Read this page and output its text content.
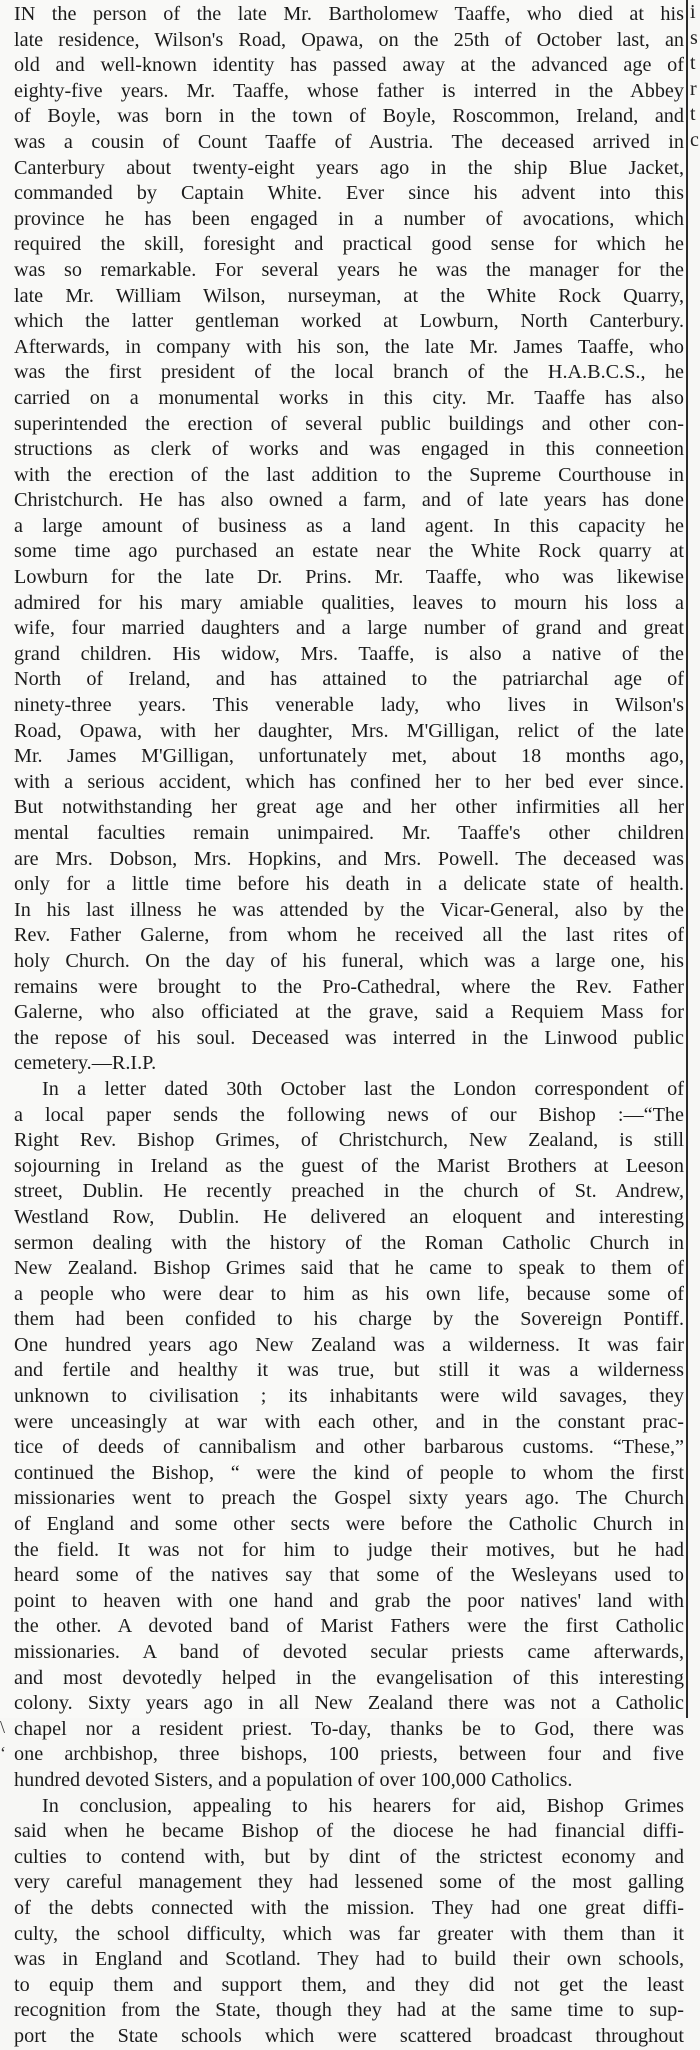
IN the person of the late Mr. Bartholomew Taaffe, who died at his
late residence, Wilson's Road, Opawa, on the 25th of October last, an
old and well-known identity has passed away at the advanced age of
eighty-five years. Mr. Taaffe, whose father is interred in the Abbey
of Boyle, was born in the town of Boyle, Roscommon, Ireland, and
was a cousin of Count Taaffe of Austria. The deceased arrived in
Canterbury about twenty-eight years ago in the ship Blue Jacket,
commanded by Captain White. Ever since his advent into this
province he has been engaged in a number of avocations, which
required the skill, foresight and practical good sense for which he
was so remarkable. For several years he was the manager for the
late Mr. William Wilson, nurseyman, at the White Rock Quarry,
which the latter gentleman worked at Lowburn, North Canterbury.
Afterwards, in company with his son, the late Mr. James Taaffe, who
was the first president of the local branch of the H.A.B.C.S., he
carried on a monumental works in this city. Mr. Taaffe has also
superintended the erection of several public buildings and other con-
structions as clerk of works and was engaged in this conneetion
with the erection of the last addition to the Supreme Courthouse in
Christchurch. He has also owned a farm, and of late years has done
a large amount of business as a land agent. In this capacity he
some time ago purchased an estate near the White Rock quarry at
Lowburn for the late Dr. Prins. Mr. Taaffe, who was likewise
admired for his mary amiable qualities, leaves to mourn his loss a
wife, four married daughters and a large number of grand and great
grand children. His widow, Mrs. Taaffe, is also a native of the
North of Ireland, and has attained to the patriarchal age of
ninety-three years. This venerable lady, who lives in Wilson's
Road, Opawa, with her daughter, Mrs. M'Gilligan, relict of the late
Mr. James M'Gilligan, unfortunately met, about 18 months ago,
with a serious accident, which has confined her to her bed ever since.
But notwithstanding her great age and her other infirmities all her
mental faculties remain unimpaired. Mr. Taaffe's other children
are Mrs. Dobson, Mrs. Hopkins, and Mrs. Powell. The deceased was
only for a little time before his death in a delicate state of health.
In his last illness he was attended by the Vicar-General, also by the
Rev. Father Galerne, from whom he received all the last rites of
holy Church. On the day of his funeral, which was a large one, his
remains were brought to the Pro-Cathedral, where the Rev. Father
Galerne, who also officiated at the grave, said a Requiem Mass for
the repose of his soul. Deceased was interred in the Linwood public
cemetery.—R.I.P.
In a letter dated 30th October last the London correspondent of
a local paper sends the following news of our Bishop :—“The
Right Rev. Bishop Grimes, of Christchurch, New Zealand, is still
sojourning in Ireland as the guest of the Marist Brothers at Leeson
street, Dublin. He recently preached in the church of St. Andrew,
Westland Row, Dublin. He delivered an eloquent and interesting
sermon dealing with the history of the Roman Catholic Church in
New Zealand. Bishop Grimes said that he came to speak to them of
a people who were dear to him as his own life, because some of
them had been confided to his charge by the Sovereign Pontiff.
One hundred years ago New Zealand was a wilderness. It was fair
and fertile and healthy it was true, but still it was a wilderness
unknown to civilisation ; its inhabitants were wild savages, they
were unceasingly at war with each other, and in the constant prac-
tice of deeds of cannibalism and other barbarous customs. “These,”
continued the Bishop, “ were the kind of people to whom the first
missionaries went to preach the Gospel sixty years ago. The Church
of England and some other sects were before the Catholic Church in
the field. It was not for him to judge their motives, but he had
heard some of the natives say that some of the Wesleyans used to
point to heaven with one hand and grab the poor natives' land with
the other. A devoted band of Marist Fathers were the first Catholic
missionaries. A band of devoted secular priests came afterwards,
and most devotedly helped in the evangelisation of this interesting
colony. Sixty years ago in all New Zealand there was not a Catholic
chapel nor a resident priest. To-day, thanks be to God, there was
one archbishop, three bishops, 100 priests, between four and five
hundred devoted Sisters, and a population of over 100,000 Catholics.
In conclusion, appealing to his hearers for aid, Bishop Grimes
said when he became Bishop of the diocese he had financial diffi-
culties to contend with, but by dint of the strictest economy and
very careful management they had lessened some of the most galling
of the debts connected with the mission. They had one great diffi-
culty, the school difficulty, which was far greater with them than it
was in England and Scotland. They had to build their own schools,
to equip them and support them, and they did not get the least
recognition from the State, though they had at the same time to sup-
port the State schools which were scattered broadcast throughout
\
‘
i
s
t
r
t
c
